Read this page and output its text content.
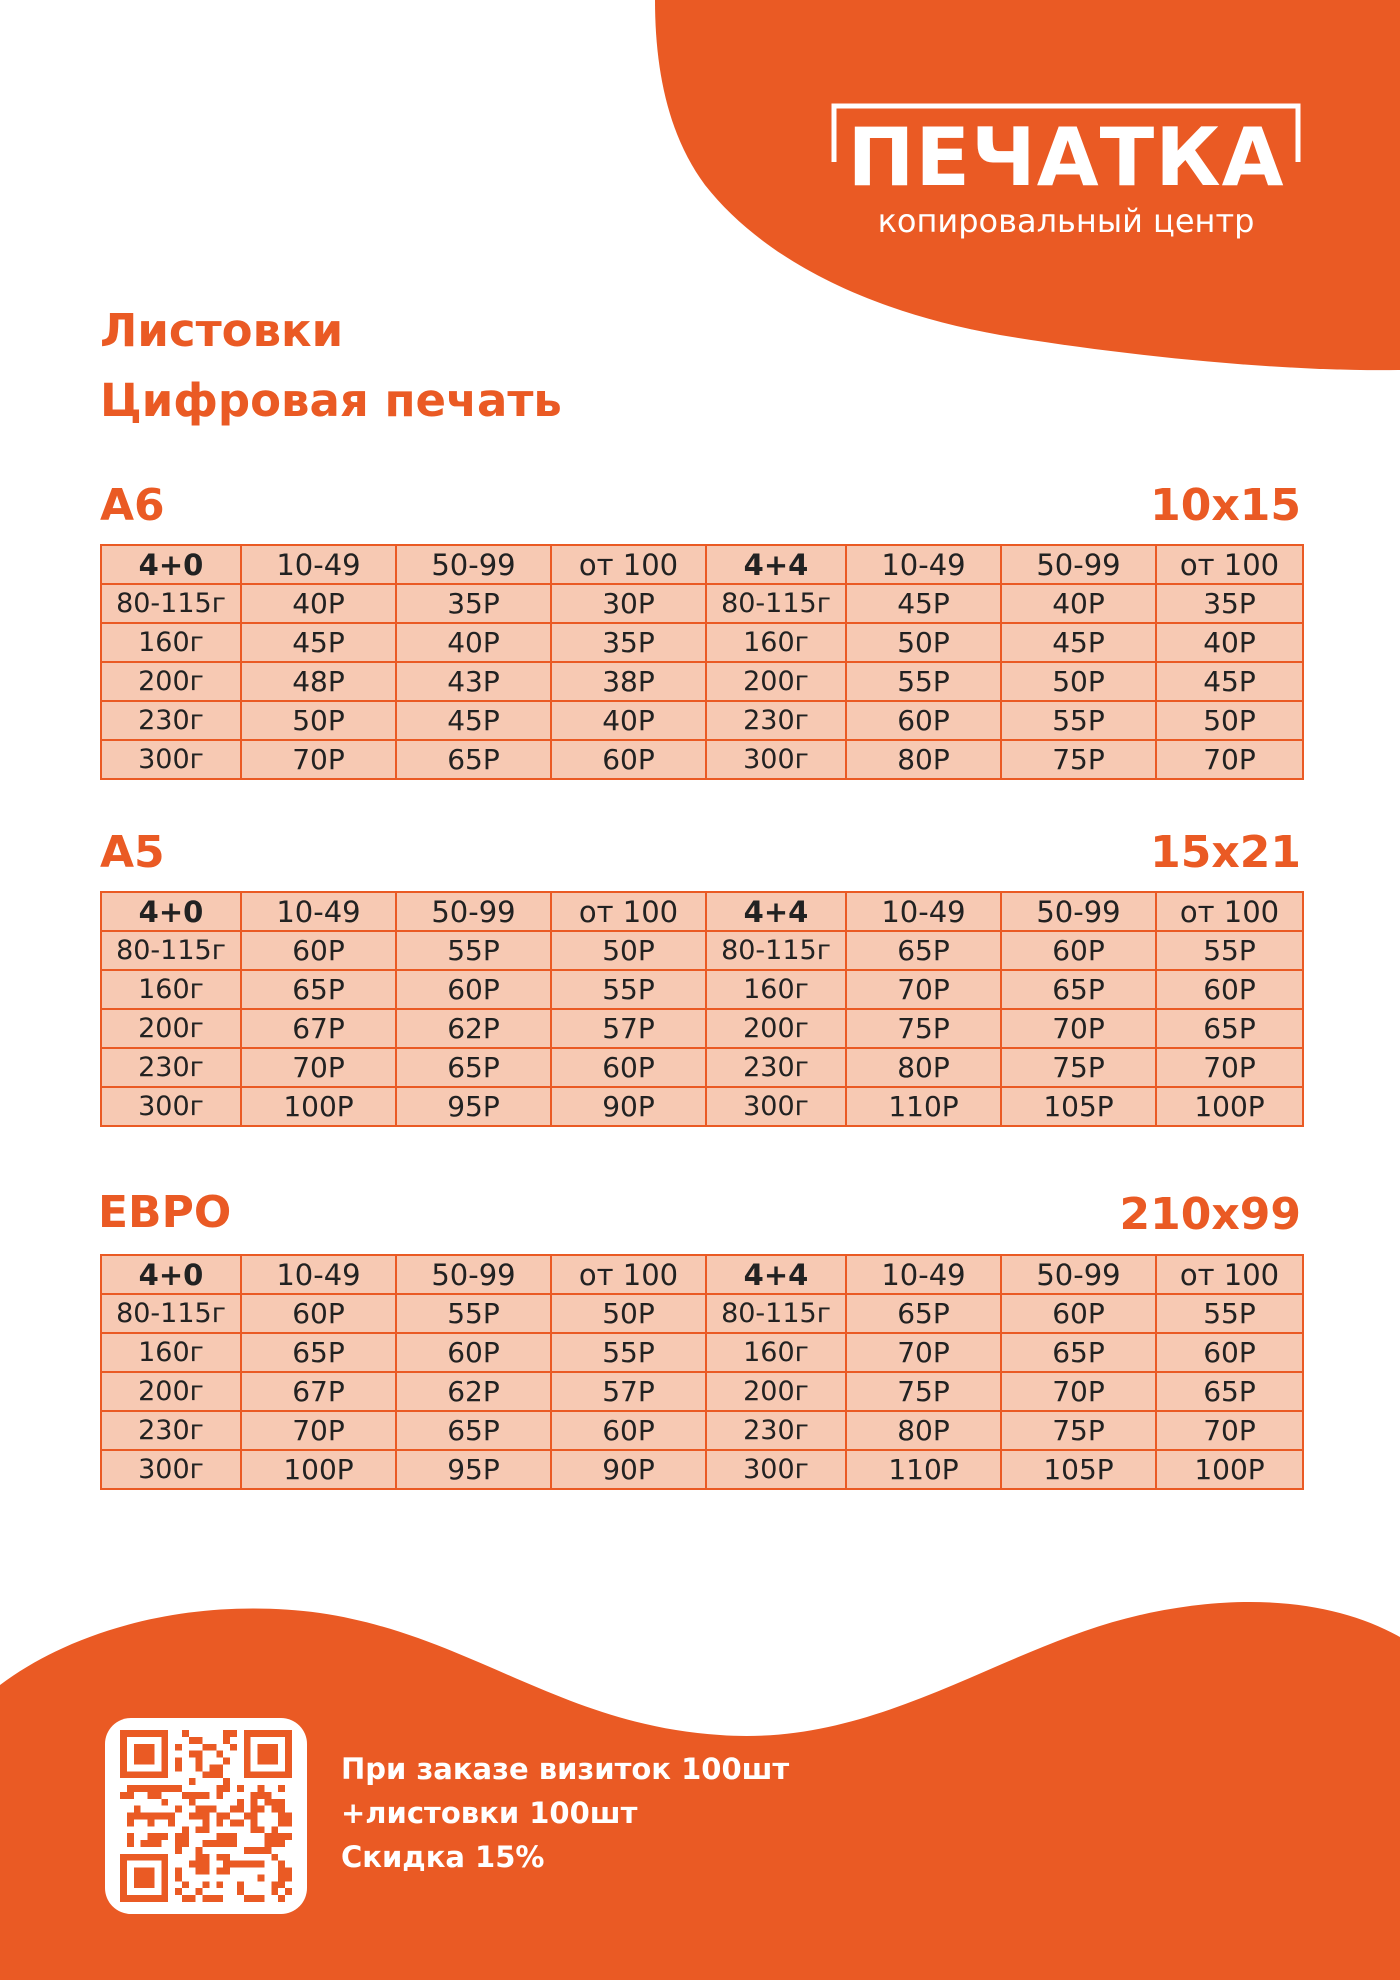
ПЕЧАТКА
копировальный центр
Листовки
Цифровая печать
А6	10x15
4+0	10-49	50-99	от 100	4+4	10-49	50-99	от 100
80-115г	40Р	35Р	30Р	80-115г	45Р	40Р	35Р
160г	45Р	40Р	35Р	160г	50Р	45Р	40Р
200г	48Р	43Р	38Р	200г	55Р	50Р	45Р
230г	50Р	45Р	40Р	230г	60Р	55Р	50Р
300г	70Р	65Р	60Р	300г	80Р	75Р	70Р
А5	15x21
4+0	10-49	50-99	от 100	4+4	10-49	50-99	от 100
80-115г	60Р	55Р	50Р	80-115г	65Р	60Р	55Р
160г	65Р	60Р	55Р	160г	70Р	65Р	60Р
200г	67Р	62Р	57Р	200г	75Р	70Р	65Р
230г	70Р	65Р	60Р	230г	80Р	75Р	70Р
300г	100Р	95Р	90Р	300г	110Р	105Р	100Р
ЕВРО	210x99
4+0	10-49	50-99	от 100	4+4	10-49	50-99	от 100
80-115г	60Р	55Р	50Р	80-115г	65Р	60Р	55Р
160г	65Р	60Р	55Р	160г	70Р	65Р	60Р
200г	67Р	62Р	57Р	200г	75Р	70Р	65Р
230г	70Р	65Р	60Р	230г	80Р	75Р	70Р
300г	100Р	95Р	90Р	300г	110Р	105Р	100Р
При заказе визиток 100шт
+листовки 100шт
Скидка 15%
